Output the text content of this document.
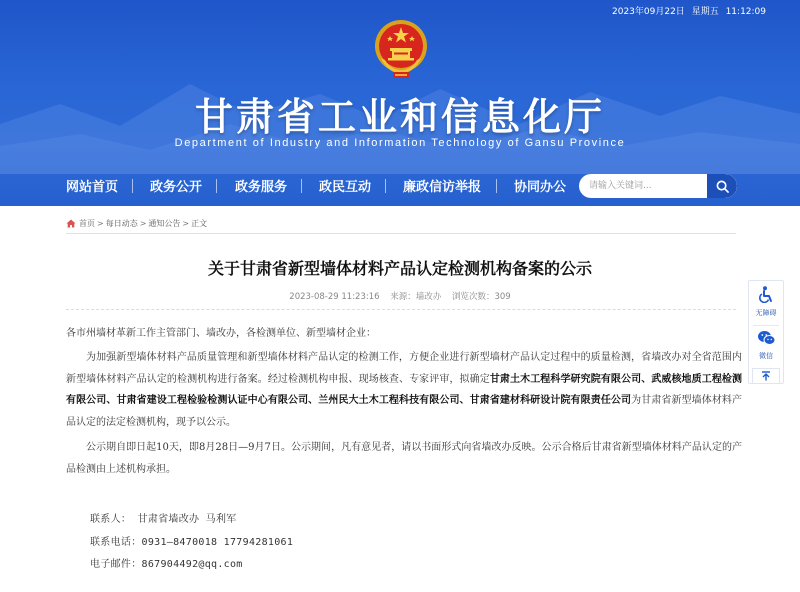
2023年09月22日 星期五 11:12:09
甘肃省工业和信息化厅
Department of Industry and Information Technology of Gansu Province
网站首页 政务公开	政务服务 政民互动 廉政信访举报	协同办公
请输入关键词...
首页 > 每日动态 > 通知公告 > 正文
关于甘肃省新型墙体材料产品认定检测机构备案的公示
2023-08-29 11:23:16 来源：墙改办 浏览次数：309
各市州墙材革新工作主管部门、墙改办，各检测单位、新型墙材企业：
为加强新型墙体材料产品质量管理和新型墙体材料产品认定的检测工作，方便企业进行新型墙材产品认定过程中的质量检测，省墙改办对全省范围内新型墙体材料产品认定的检测机构进行备案。经过检测机构申报、现场核查、专家评审，拟确定甘肃土木工程科学研究院有限公司、武威核地质工程检测有限公司、甘肃省建设工程检验检测认证中心有限公司、兰州民大土木工程科技有限公司、甘肃省建材科研设计院有限责任公司为甘肃省新型墙体材料产品认定的法定检测机构，现予以公示。
公示期自即日起10天，即8月28日—9月7日。公示期间，凡有意见者，请以书面形式向省墙改办反映。公示合格后甘肃省新型墙体材料产品认定的产品检测由上述机构承担。
联系人： 甘肃省墙改办 马利军
联系电话：0931—8470018 17794281061
电子邮件：867904492@qq.com
无障碍
微信
